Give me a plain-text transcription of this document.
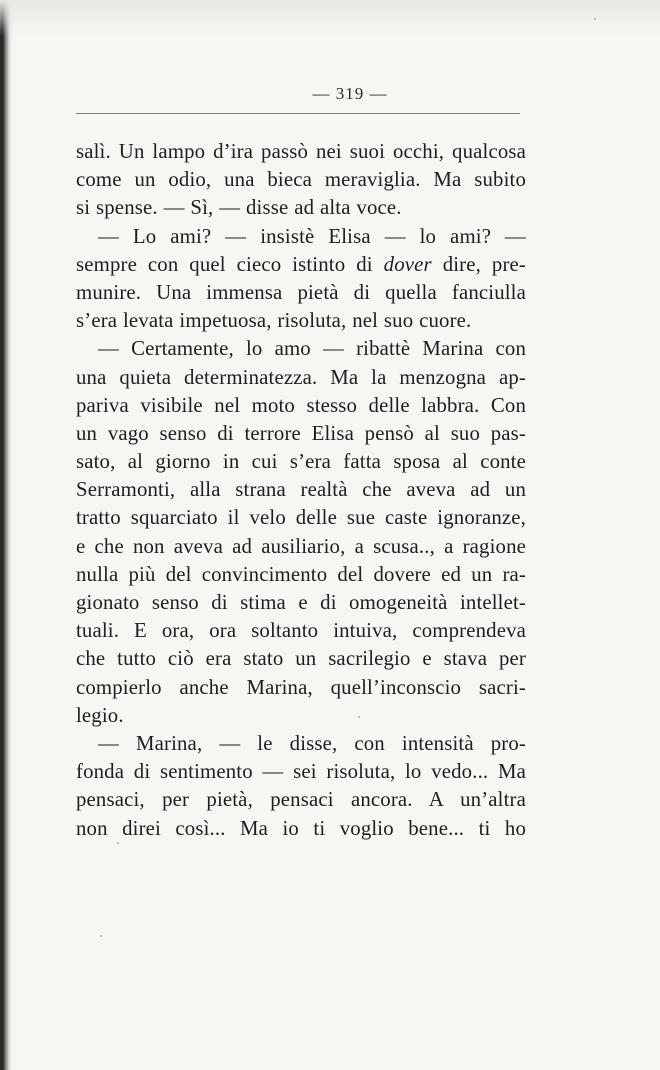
— 319 —
salì. Un lampo d’ira passò nei suoi occhi, qualcosa
come un odio, una bieca meraviglia. Ma subito
si spense. — Sì, — disse ad alta voce.
— Lo ami? — insistè Elisa — lo ami? —
sempre con quel cieco istinto di dover dire, pre-
munire. Una immensa pietà di quella fanciulla
s’era levata impetuosa, risoluta, nel suo cuore.
— Certamente, lo amo — ribattè Marina con
una quieta determinatezza. Ma la menzogna ap-
pariva visibile nel moto stesso delle labbra. Con
un vago senso di terrore Elisa pensò al suo pas-
sato, al giorno in cui s’era fatta sposa al conte
Serramonti, alla strana realtà che aveva ad un
tratto squarciato il velo delle sue caste ignoranze,
e che non aveva ad ausiliario, a scusa.., a ragione
nulla più del convincimento del dovere ed un ra-
gionato senso di stima e di omogeneità intellet-
tuali. E ora, ora soltanto intuiva, comprendeva
che tutto ciò era stato un sacrilegio e stava per
compierlo anche Marina, quell’inconscio sacri-
legio.
— Marina, — le disse, con intensità pro-
fonda di sentimento — sei risoluta, lo vedo... Ma
pensaci, per pietà, pensaci ancora. A un’altra
non direi così... Ma io ti voglio bene... ti ho
